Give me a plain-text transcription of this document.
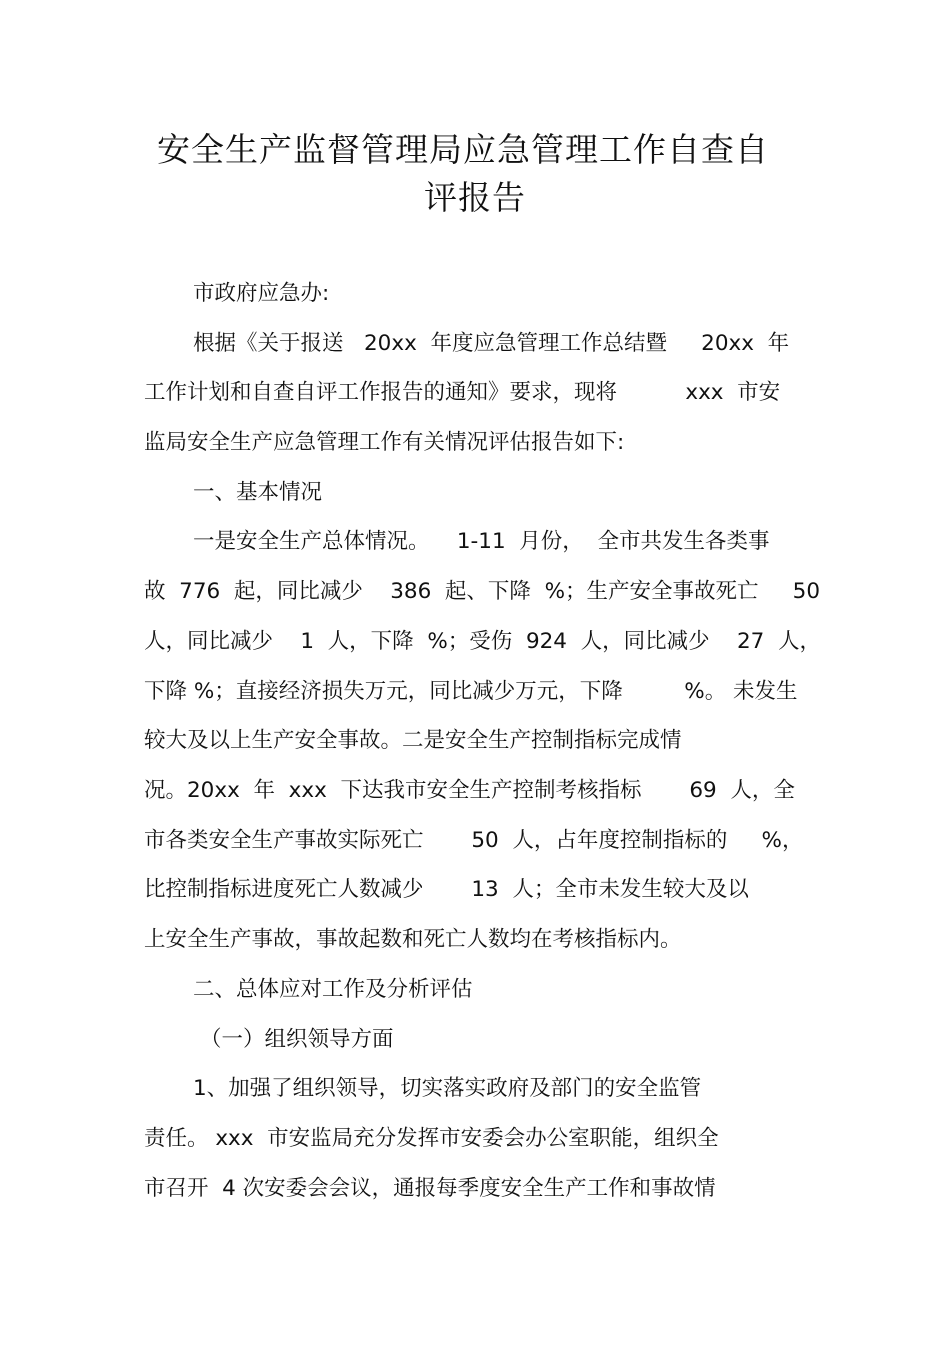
安全生产监督管理局应急管理工作自查自
评报告
市政府应急办:
根据《关于报送   20xx  年度应急管理工作总结暨     20xx  年
工作计划和自查自评工作报告的通知》要求，现将          xxx  市安
监局安全生产应急管理工作有关情况评估报告如下:
一、基本情况
一是安全生产总体情况。    1-11  月份，  全市共发生各类事
故  776  起，同比减少    386  起、下降  %；生产安全事故死亡     50
人，同比减少    1  人，下降  %；受伤  924  人，同比减少    27  人，
下降 %；直接经济损失万元，同比减少万元，下降         %。 未发生
较大及以上生产安全事故。二是安全生产控制指标完成情
况。20xx  年  xxx  下达我市安全生产控制考核指标       69  人，全
市各类安全生产事故实际死亡       50  人，占年度控制指标的     %，
比控制指标进度死亡人数减少       13  人；全市未发生较大及以
上安全生产事故，事故起数和死亡人数均在考核指标内。
二、总体应对工作及分析评估
（一）组织领导方面
1、加强了组织领导，切实落实政府及部门的安全监管
责任。 xxx  市安监局充分发挥市安委会办公室职能，组织全
市召开  4 次安委会会议，通报每季度安全生产工作和事故情
